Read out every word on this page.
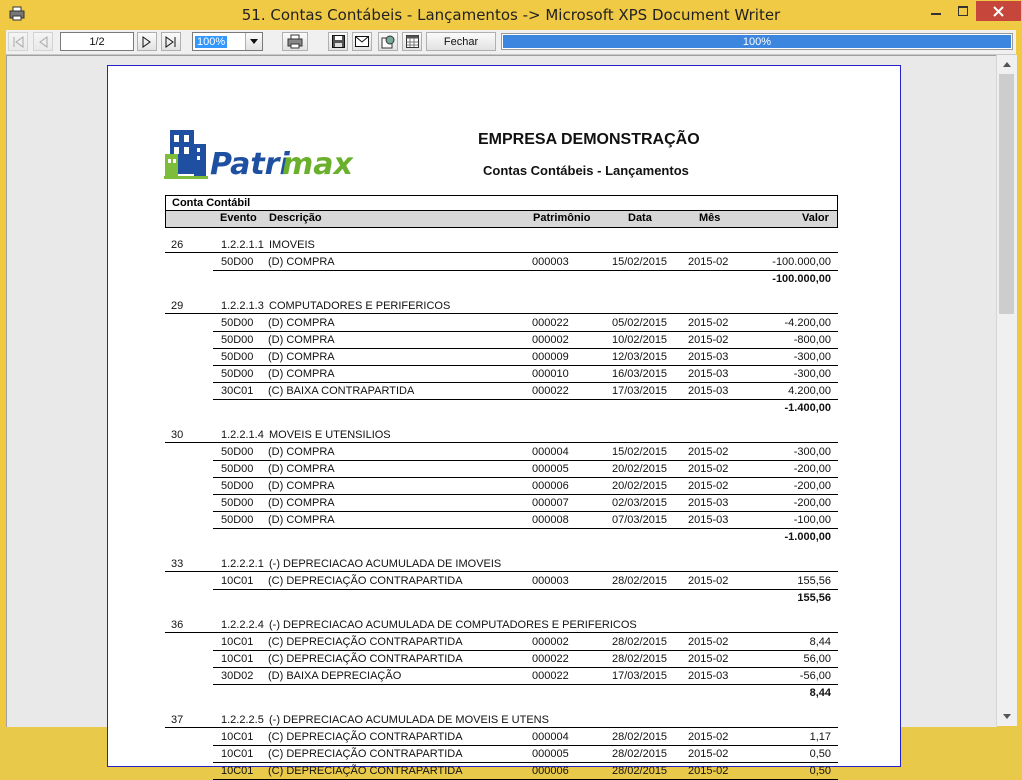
51. Contas Contábeis - Lançamentos -> Microsoft XPS Document Writer
1/2	100%	Fechar	100%
Patri
max
EMPRESA DEMONSTRAÇÃO
Contas Contábeis - Lançamentos
Conta Contábil
Evento Descrição	Patrimônio	Data	Mês	Valor
26	1.2.2.1.1 IMOVEIS
50D00 (D) COMPRA	000003	15/02/2015 2015-02	-100.000,00
-100.000,00
29	1.2.2.1.3 COMPUTADORES E PERIFERICOS
50D00 (D) COMPRA	000022	05/02/2015 2015-02	-4.200,00
50D00 (D) COMPRA	000002	10/02/2015 2015-02	-800,00
50D00 (D) COMPRA	000009	12/03/2015 2015-03	-300,00
50D00 (D) COMPRA	000010	16/03/2015 2015-03	-300,00
30C01 (C) BAIXA CONTRAPARTIDA	000022	17/03/2015 2015-03	4.200,00
-1.400,00
30	1.2.2.1.4 MOVEIS E UTENSILIOS
50D00 (D) COMPRA	000004	15/02/2015 2015-02	-300,00
50D00 (D) COMPRA	000005	20/02/2015 2015-02	-200,00
50D00 (D) COMPRA	000006	20/02/2015 2015-02	-200,00
50D00 (D) COMPRA	000007	02/03/2015 2015-03	-200,00
50D00 (D) COMPRA	000008	07/03/2015 2015-03	-100,00
-1.000,00
33	1.2.2.2.1 (-) DEPRECIACAO ACUMULADA DE IMOVEIS
10C01 (C) DEPRECIAÇÃO CONTRAPARTIDA	000003	28/02/2015 2015-02	155,56
155,56
36	1.2.2.2.4 (-) DEPRECIACAO ACUMULADA DE COMPUTADORES E PERIFERICOS
10C01 (C) DEPRECIAÇÃO CONTRAPARTIDA	000002	28/02/2015 2015-02	8,44
10C01 (C) DEPRECIAÇÃO CONTRAPARTIDA	000022	28/02/2015 2015-02	56,00
30D02 (D) BAIXA DEPRECIAÇÃO	000022	17/03/2015 2015-03	-56,00
8,44
37	1.2.2.2.5 (-) DEPRECIACAO ACUMULADA DE MOVEIS E UTENS
10C01 (C) DEPRECIAÇÃO CONTRAPARTIDA	000004	28/02/2015 2015-02	1,17
10C01 (C) DEPRECIAÇÃO CONTRAPARTIDA	000005	28/02/2015 2015-02	0,50
10C01 (C) DEPRECIAÇÃO CONTRAPARTIDA	000006	28/02/2015 2015-02	0,50
